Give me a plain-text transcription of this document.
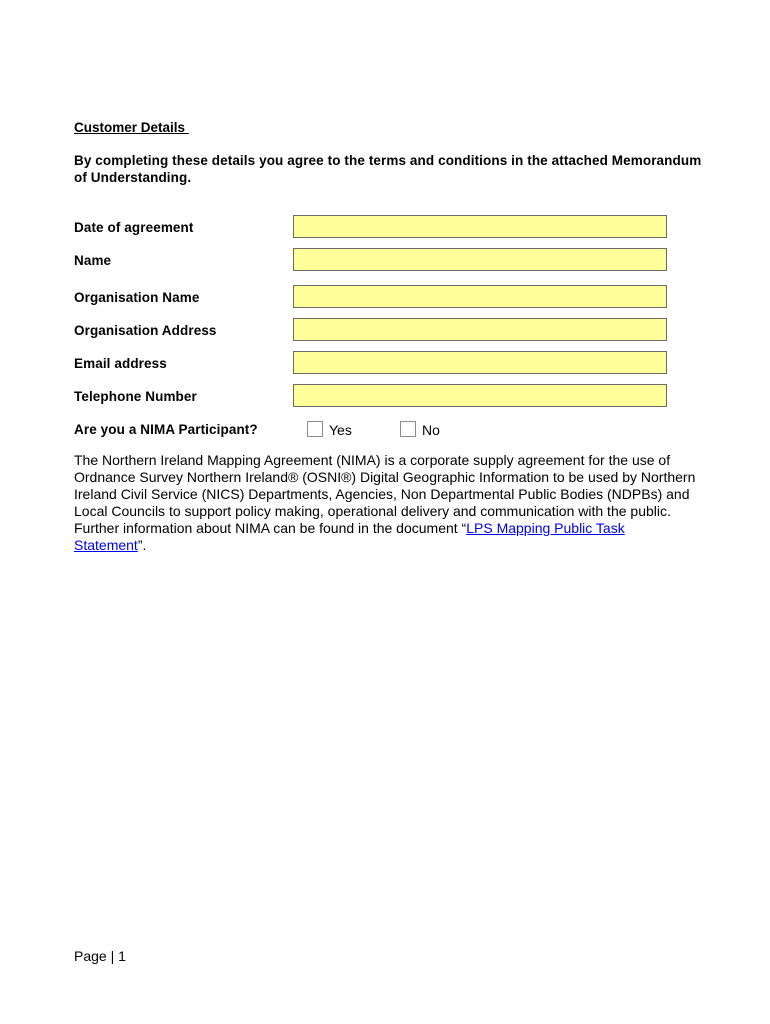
Customer Details
By completing these details you agree to the terms and conditions in the attached Memorandum of Understanding.
Date of agreement
Name
Organisation Name
Organisation Address
Email address
Telephone Number
Are you a NIMA Participant?	Yes	No
The Northern Ireland Mapping Agreement (NIMA) is a corporate supply agreement for the use of Ordnance Survey Northern Ireland® (OSNI®) Digital Geographic Information to be used by Northern Ireland Civil Service (NICS) Departments, Agencies, Non Departmental Public Bodies (NDPBs) and Local Councils to support policy making, operational delivery and communication with the public. Further information about NIMA can be found in the document “LPS Mapping Public Task Statement”.
Page | 1
